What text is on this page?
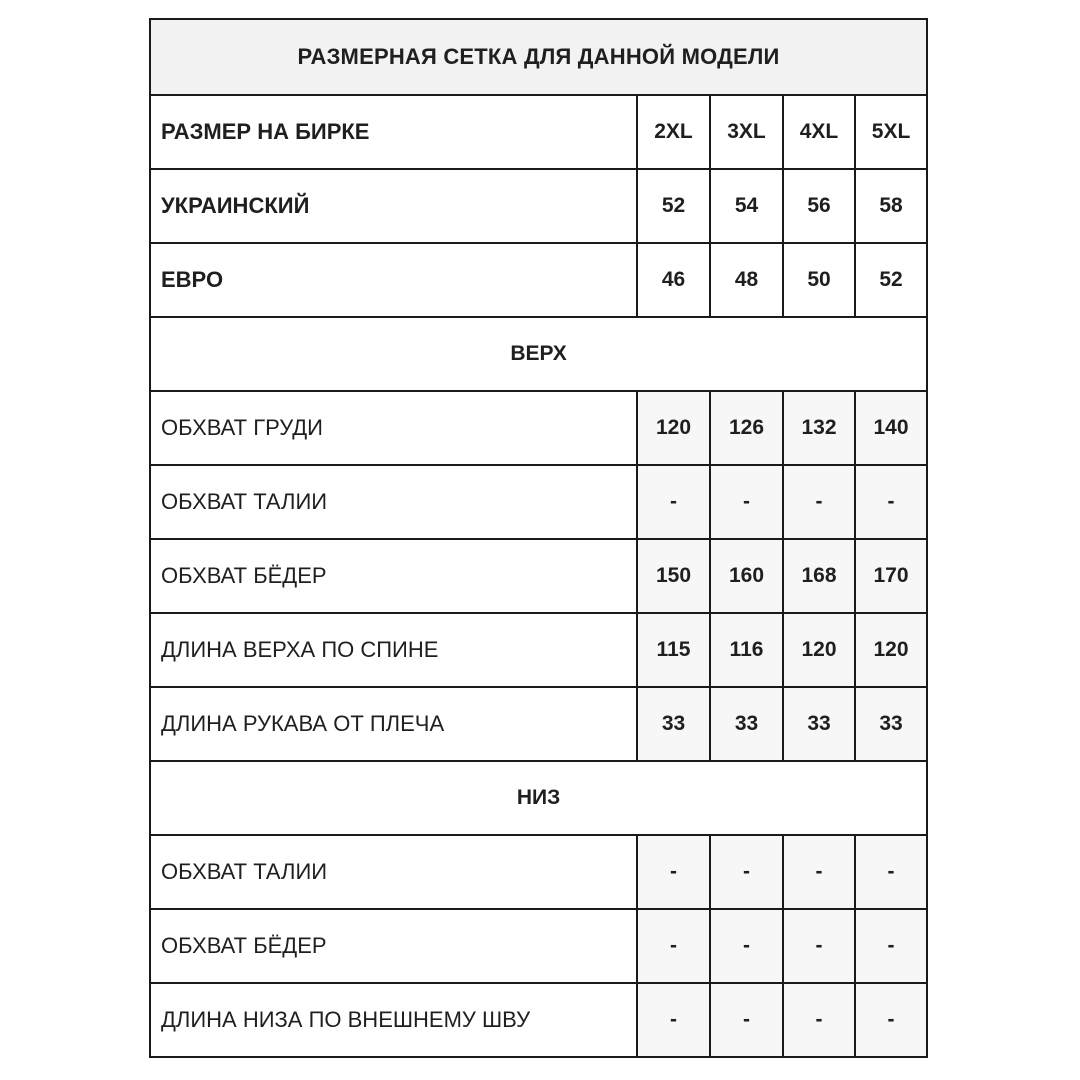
РАЗМЕРНАЯ СЕТКА ДЛЯ ДАННОЙ МОДЕЛИ				
РАЗМЕР НА БИРКЕ	2XL	3XL	4XL	5XL
УКРАИНСКИЙ	52	54	56	58
ЕВРО	46	48	50	52
ВЕРХ				
ОБХВАТ ГРУДИ	120	126	132	140
ОБХВАТ ТАЛИИ	-	-	-	-
ОБХВАТ БЁДЕР	150	160	168	170
ДЛИНА ВЕРХА ПО СПИНЕ	115	116	120	120
ДЛИНА РУКАВА ОТ ПЛЕЧА	33	33	33	33
НИЗ				
ОБХВАТ ТАЛИИ	-	-	-	-
ОБХВАТ БЁДЕР	-	-	-	-
ДЛИНА НИЗА ПО ВНЕШНЕМУ ШВУ	-	-	-	-
